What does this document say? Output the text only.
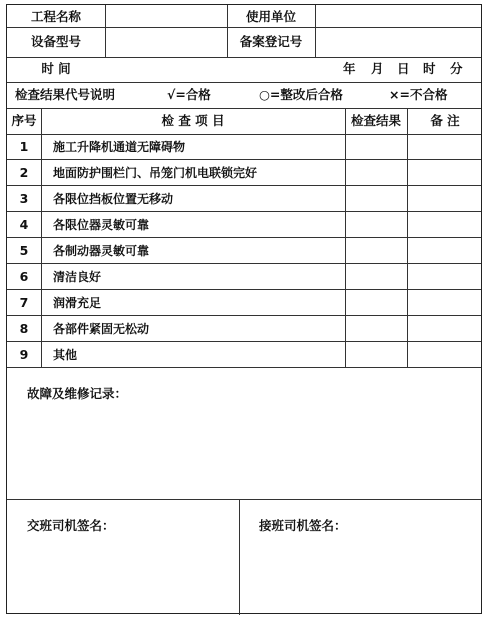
工程名称	使用单位
设备型号	备案登记号
时 间	年 月 日 时 分
检查结果代号说明	√=合格	○=整改后合格	×=不合格
序号	检 查 项 目	检查结果	备 注
1	施工升降机通道无障碍物
2	地面防护围栏门、吊笼门机电联锁完好
3	各限位挡板位置无移动
4	各限位器灵敏可靠
5	各制动器灵敏可靠
6	清洁良好
7	润滑充足
8	各部件紧固无松动
9	其他
故障及维修记录：
交班司机签名：	接班司机签名：
